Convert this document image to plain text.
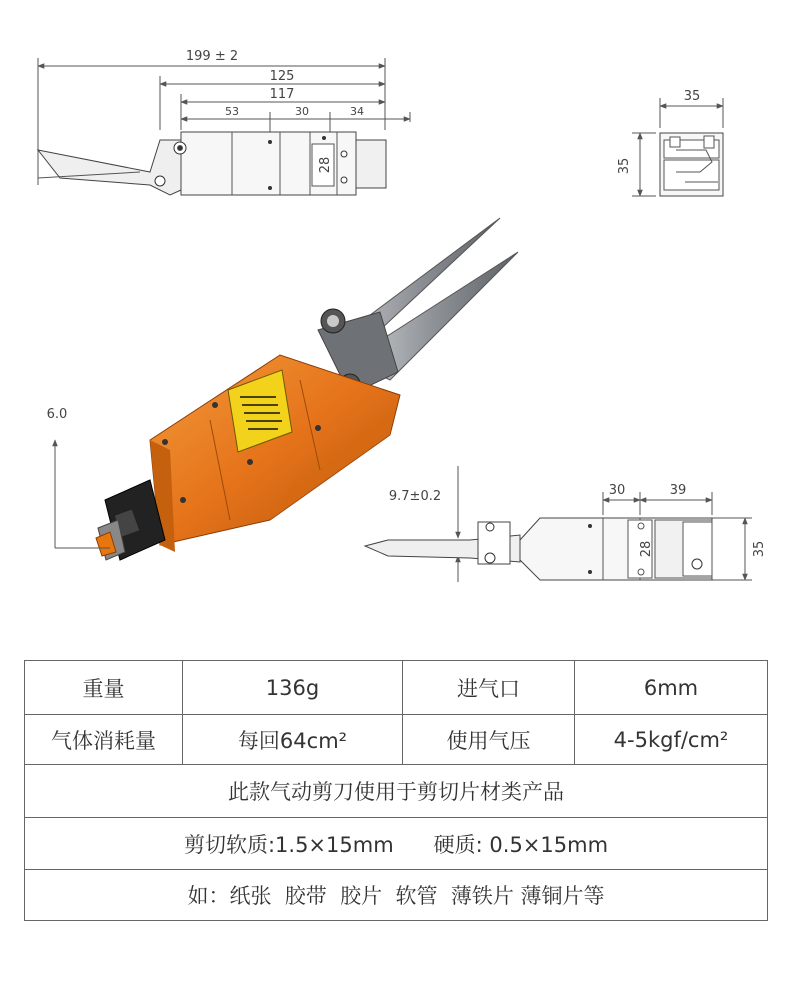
199 ± 2
125
117
53	30	34
28
35
35
6.0
9.7±0.2	30	39
28	35
重量	136g	进气口	6mm
气体消耗量	每回64cm²	使用气压	4-5kgf/cm²
此款气动剪刀使用于剪切片材类产品			
剪切软质:1.5×15mm 硬质: 0.5×15mm			
如：纸张  胶带  胶片  软管  薄铁片 薄铜片等			
